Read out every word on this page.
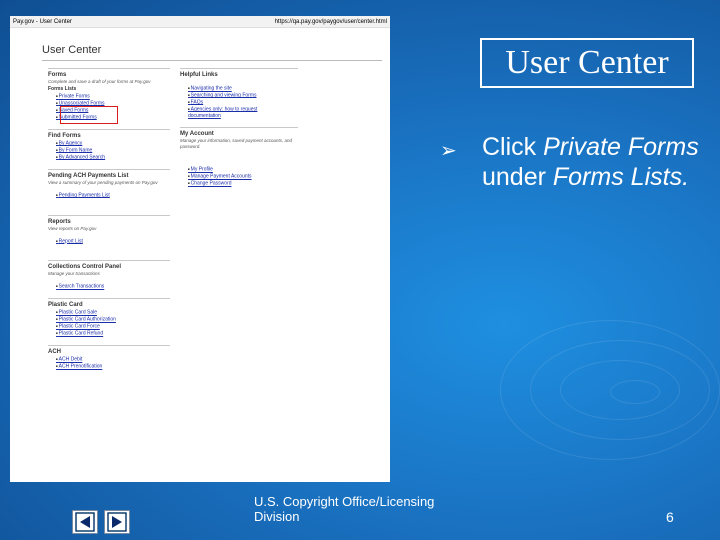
Pay.gov - User Center	https://qa.pay.gov/paygov/user/center.html
User Center
Forms
Complete and save a draft of your forms at Pay.gov
Forms Lists
■ Private Forms
■ Unassociated Forms
■ Saved Forms
■ Submitted Forms
Find Forms
■ By Agency
■ By Form Name
■ By Advanced Search
Pending ACH Payments List
View a summary of your pending payments on Pay.gov
■ Pending Payments List
Reports
View reports on Pay.gov
■ Report List
Collections Control Panel
Manage your transactions
■ Search Transactions
Plastic Card
■ Plastic Card Sale
■ Plastic Card Authorization
■ Plastic Card Force
■ Plastic Card Refund
ACH
■ ACH Debit
■ ACH Prenotification
Helpful Links
■ Navigating the site
■ Searching and viewing Forms
■ FAQs
■ Agencies only: how to request documentation
My Account
Manage your information, saved payment accounts, and password.
■ My Profile
■ Manage Payment Accounts
■ Change Password
User Center
➢ Click Private Forms under Forms Lists.
U.S. Copyright Office/Licensing Division	6
